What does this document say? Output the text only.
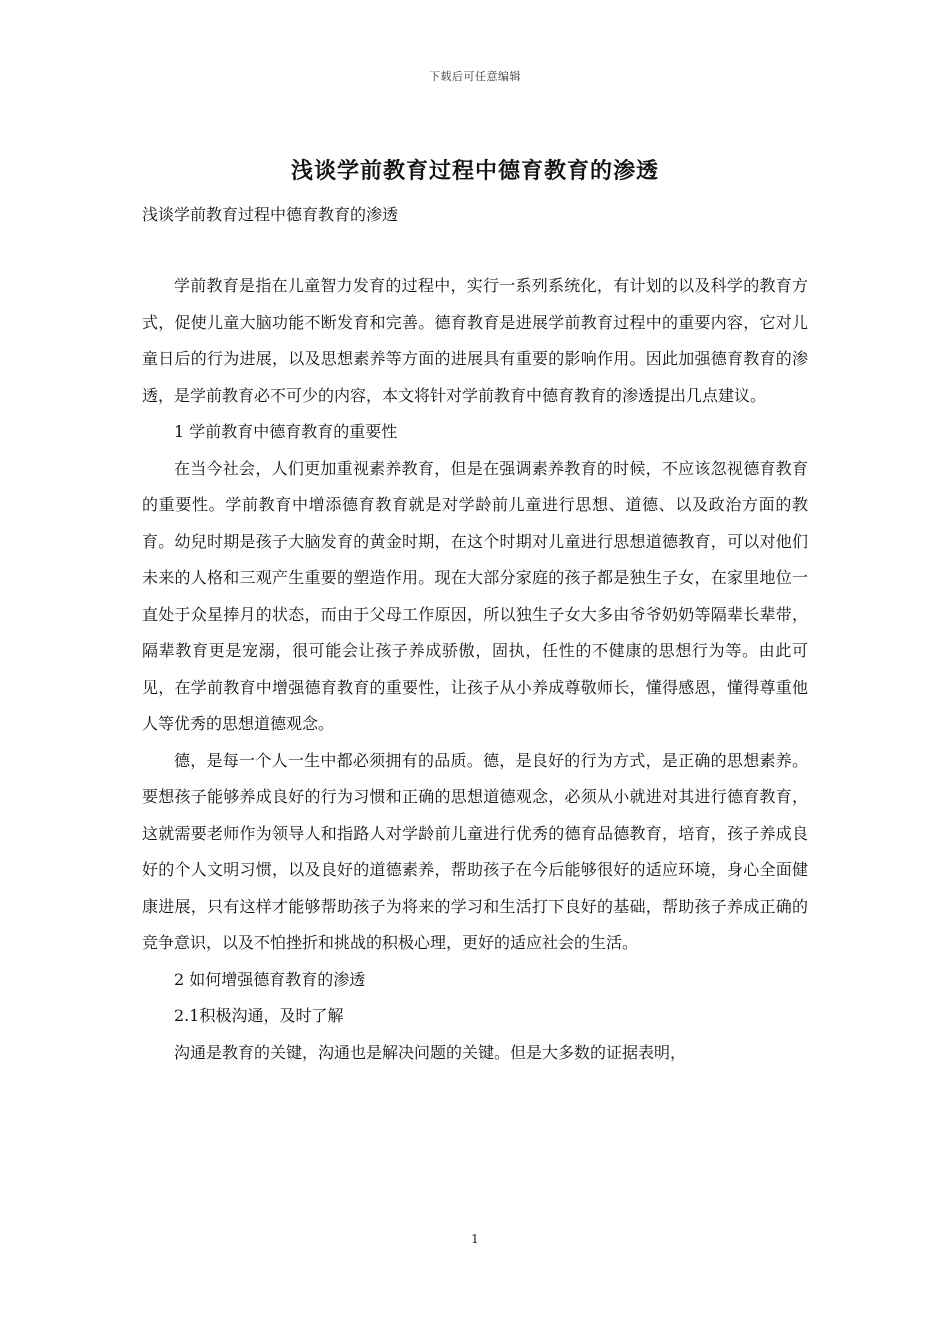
下载后可任意编辑
浅谈学前教育过程中德育教育的渗透
浅谈学前教育过程中德育教育的渗透

学前教育是指在儿童智力发育的过程中，实行一系列系统化，有计划的以及科学的教育方式，促使儿童大脑功能不断发育和完善。德育教育是进展学前教育过程中的重要内容，它对儿童日后的行为进展，以及思想素养等方面的进展具有重要的影响作用。因此加强德育教育的渗透，是学前教育必不可少的内容，本文将针对学前教育中德育教育的渗透提出几点建议。

1 学前教育中德育教育的重要性

在当今社会，人们更加重视素养教育，但是在强调素养教育的时候，不应该忽视德育教育的重要性。学前教育中增添德育教育就是对学龄前儿童进行思想、道德、以及政治方面的教育。幼兒时期是孩子大脑发育的黄金时期，在这个时期对儿童进行思想道德教育，可以对他们未来的人格和三观产生重要的塑造作用。现在大部分家庭的孩子都是独生子女，在家里地位一直处于众星捧月的状态，而由于父母工作原因，所以独生子女大多由爷爷奶奶等隔辈长辈带，隔辈教育更是宠溺，很可能会让孩子养成骄傲，固执，任性的不健康的思想行为等。由此可见，在学前教育中增强德育教育的重要性，让孩子从小养成尊敬师长，懂得感恩，懂得尊重他人等优秀的思想道德观念。

德，是每一个人一生中都必须拥有的品质。德，是良好的行为方式，是正确的思想素养。要想孩子能够养成良好的行为习惯和正确的思想道德观念，必须从小就进对其进行德育教育，这就需要老师作为领导人和指路人对学龄前儿童进行优秀的德育品德教育，培育，孩子养成良好的个人文明习惯，以及良好的道德素养，帮助孩子在今后能够很好的适应环境，身心全面健康进展，只有这样才能够帮助孩子为将来的学习和生活打下良好的基础，帮助孩子养成正确的竞争意识，以及不怕挫折和挑战的积极心理，更好的适应社会的生活。

2 如何增强德育教育的渗透

2.1积极沟通，及时了解

沟通是教育的关键，沟通也是解决问题的关键。但是大多数的证据表明，

1
